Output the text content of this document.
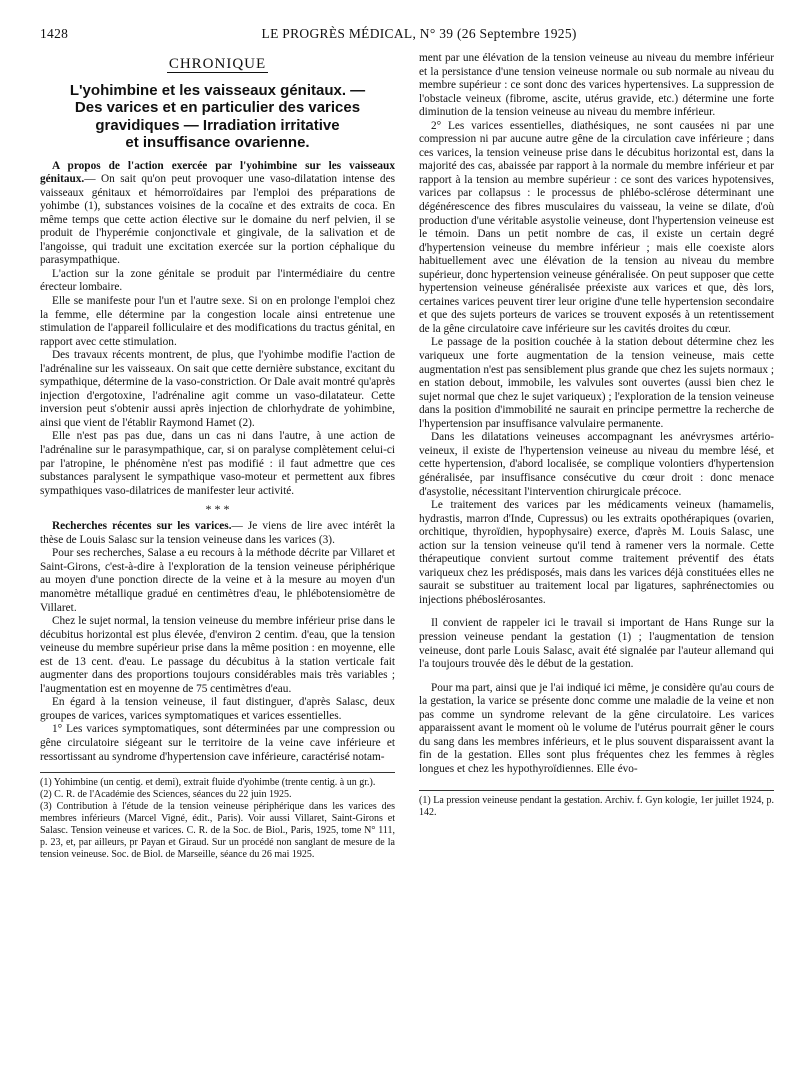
1428	LE PROGRÈS MÉDICAL, N° 39 (26 Septembre 1925)
CHRONIQUE
L'yohimbine et les vaisseaux génitaux. —
Des varices et en particulier des varices
gravidiques — Irradiation irritative
et insuffisance ovarienne.

A propos de l'action exercée par l'yohimbine sur les vaisseaux génitaux.— On sait qu'on peut provoquer une vaso-dilatation intense des vaisseaux génitaux et hémorroïdaires par l'emploi des préparations de yohimbe (1), substances voisines de la cocaïne et des extraits de coca. En même temps que cette action élective sur le domaine du nerf pelvien, il se produit de l'hyperémie conjonctivale et gingivale, de la salivation et de l'angoisse, qui traduit une excitation exercée sur la portion céphalique du parasympathique.

L'action sur la zone génitale se produit par l'intermédiaire du centre érecteur lombaire.

Elle se manifeste pour l'un et l'autre sexe. Si on en prolonge l'emploi chez la femme, elle détermine par la congestion locale ainsi entretenue une stimulation de l'appareil folliculaire et des modifications du tractus génital, en rapport avec cette stimulation.

Des travaux récents montrent, de plus, que l'yohimbe modifie l'action de l'adrénaline sur les vaisseaux. On sait que cette dernière substance, excitant du sympathique, détermine de la vaso-constriction. Or Dale avait montré qu'après injection d'ergotoxine, l'adrénaline agit comme un vaso-dilatateur. Cette inversion peut s'obtenir aussi après injection de chlorhydrate de yohimbine, ainsi que vient de l'établir Raymond Hamet (2).

Elle n'est pas pas due, dans un cas ni dans l'autre, à une action de l'adrénaline sur le parasympathique, car, si on paralyse complètement celui-ci par l'atropine, le phénomène n'est pas modifié : il faut admettre que ces substances paralysent le sympathique vaso-moteur et permettent aux fibres sympathiques vaso-dilatrices de manifester leur activité.

* * *

Recherches récentes sur les varices.— Je viens de lire avec intérêt la thèse de Louis Salasc sur la tension veineuse dans les varices (3).

Pour ses recherches, Salase a eu recours à la méthode décrite par Villaret et Saint-Girons, c'est-à-dire à l'exploration de la tension veineuse périphérique au moyen d'une ponction directe de la veine et à la mesure au moyen d'un manomètre métallique gradué en centimètres d'eau, le phlébotensiomètre de Villaret.

Chez le sujet normal, la tension veineuse du membre inférieur prise dans le décubitus horizontal est plus élevée, d'environ 2 centim. d'eau, que la tension veineuse du membre supérieur prise dans la même position : en moyenne, elle est de 13 cent. d'eau. Le passage du décubitus à la station verticale fait augmenter dans des proportions toujours considérables mais très variables ; l'augmentation est en moyenne de 75 centimètres d'eau.

En égard à la tension veineuse, il faut distinguer, d'après Salasc, deux groupes de varices, varices symptomatiques et varices essentielles.

1° Les varices symptomatiques, sont déterminées par une compression ou gêne circulatoire siégeant sur le territoire de la veine cave inférieure et ressortissant au syndrome d'hypertension cave inférieure, caractérisé notam-

(1) Yohimbine (un centig. et demi), extrait fluide d'yohimbe (trente centig. à un gr.).

(2) C. R. de l'Académie des Sciences, séances du 22 juin 1925.

(3) Contribution à l'étude de la tension veineuse périphérique dans les varices des membres inférieurs (Marcel Vigné, édit., Paris). Voir aussi Villaret, Saint-Girons et Salasc. Tension veineuse et varices. C. R. de la Soc. de Biol., Paris, 1925, tome N° 111, p. 23, et, par ailleurs, pr Payan et Giraud. Sur un procédé non sanglant de mesure de la tension veineuse. Soc. de Biol. de Marseille, séance du 26 mai 1925.

ment par une élévation de la tension veineuse au niveau du membre inférieur et la persistance d'une tension veineuse normale ou sub normale au niveau du membre supérieur : ce sont donc des varices hypertensives. La suppression de l'obstacle veineux (fibrome, ascite, utérus gravide, etc.) détermine une forte diminution de la tension veineuse au niveau du membre inférieur.

2° Les varices essentielles, diathésiques, ne sont causées ni par une compression ni par aucune autre gêne de la circulation cave inférieure ; dans ces varices, la tension veineuse prise dans le décubitus horizontal est, dans la majorité des cas, abaissée par rapport à la normale du membre inférieur et par rapport à la tension au membre supérieur : ce sont des varices hypotensives, varices par collapsus : le processus de phlébo-sclérose déterminant une dégénérescence des fibres musculaires du vaisseau, la veine se dilate, d'où production d'une véritable asystolie veineuse, dont l'hypertension veineuse est le témoin. Dans un petit nombre de cas, il existe un certain degré d'hypertension veineuse du membre inférieur ; mais elle coexiste alors habituellement avec une élévation de la tension au niveau du membre supérieur, donc hypertension veineuse généralisée. On peut supposer que cette hypertension veineuse généralisée préexiste aux varices et que, dès lors, certaines varices peuvent tirer leur origine d'une telle hypertension secondaire et que des sujets porteurs de varices se trouvent exposés à un retentissement de la gêne circulatoire cave inférieure sur les cavités droites du cœur.

Le passage de la position couchée à la station debout détermine chez les variqueux une forte augmentation de la tension veineuse, mais cette augmentation n'est pas sensiblement plus grande que chez les sujets normaux ; en station debout, immobile, les valvules sont ouvertes (aussi bien chez le sujet normal que chez le sujet variqueux) ; l'exploration de la tension veineuse dans la position d'immobilité ne saurait en principe permettre la recherche de l'hypertension par insuffisance valvulaire permanente.

Dans les dilatations veineuses accompagnant les anévrysmes artério-veineux, il existe de l'hypertension veineuse au niveau du membre lésé, et cette hypertension, d'abord localisée, se complique volontiers d'hypertension généralisée, par insuffisance consécutive du cœur droit : donc menace d'asystolie, nécessitant l'intervention chirurgicale précoce.

Le traitement des varices par les médicaments veineux (hamamelis, hydrastis, marron d'Inde, Cupressus) ou les extraits opothérapiques (ovarien, orchitique, thyroïdien, hypophysaire) exerce, d'après M. Louis Salasc, une action sur la tension veineuse qu'il tend à ramener vers la normale. Cette thérapeutique convient surtout comme traitement préventif des états variqueux chez les prédisposés, mais dans les varices déjà constituées elles ne saurait se substituer au traitement local par ligatures, saphrénectomies ou injections phéboslérosantes.

Il convient de rappeler ici le travail si important de Hans Runge sur la pression veineuse pendant la gestation (1) ; l'augmentation de tension veineuse, dont parle Louis Salasc, avait été signalée par l'auteur allemand qui l'a toujours trouvée dès le début de la gestation.

Pour ma part, ainsi que je l'ai indiqué ici même, je considère qu'au cours de la gestation, la varice se présente donc comme une maladie de la veine et non pas comme un syndrome relevant de la gêne circulatoire. Les varices apparaissent avant le moment où le volume de l'utérus pourrait gêner le cours du sang dans les membres inférieurs, et le plus souvent disparaissent avant la fin de la gestation. Elles sont plus fréquentes chez les femmes à règles longues et chez les hypothyroïdiennes. Elle évo-

(1) La pression veineuse pendant la gestation. Archiv. f. Gyn kologie, 1er juillet 1924, p. 142.
